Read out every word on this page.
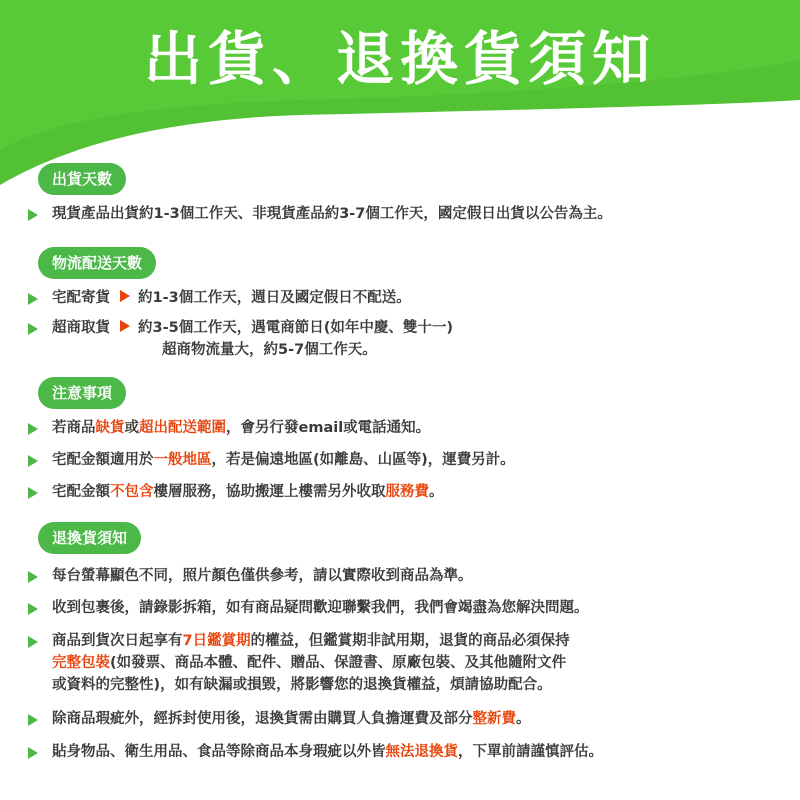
出貨、退換貨須知
出貨天數
現貨產品出貨約1-3個工作天、非現貨產品約3-7個工作天，國定假日出貨以公告為主。
物流配送天數
宅配寄貨 約1-3個工作天，週日及國定假日不配送。
超商取貨 約3-5個工作天，遇電商節日(如年中慶、雙十一)
超商物流量大，約5-7個工作天。
注意事項
若商品缺貨或超出配送範圍，會另行發email或電話通知。
宅配金額適用於一般地區，若是偏遠地區(如離島、山區等)，運費另計。
宅配金額不包含樓層服務，協助搬運上樓需另外收取服務費。
退換貨須知
每台螢幕顯色不同，照片顏色僅供參考，請以實際收到商品為準。
收到包裹後，請錄影拆箱，如有商品疑問歡迎聯繫我們，我們會竭盡為您解決問題。
商品到貨次日起享有7日鑑賞期的權益，但鑑賞期非試用期，退貨的商品必須保持
完整包裝(如發票、商品本體、配件、贈品、保證書、原廠包裝、及其他隨附文件
或資料的完整性)，如有缺漏或損毀，將影響您的退換貨權益，煩請協助配合。
除商品瑕疵外，經拆封使用後，退換貨需由購買人負擔運費及部分整新費。
貼身物品、衛生用品、食品等除商品本身瑕疵以外皆無法退換貨，下單前請謹慎評估。
